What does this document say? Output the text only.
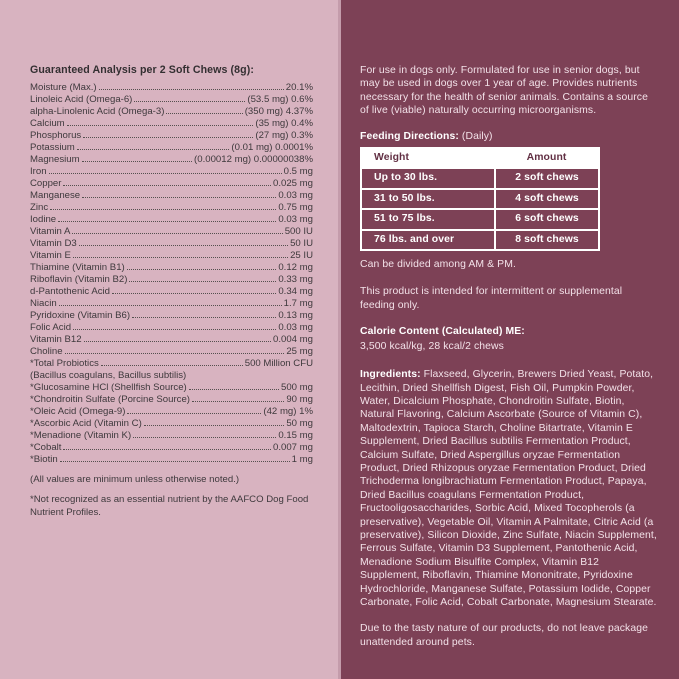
Guaranteed Analysis per 2 Soft Chews (8g):
Moisture (Max.)	20.1%
Linoleic Acid (Omega-6)	(53.5 mg) 0.6%
alpha-Linolenic Acid (Omega-3)	(350 mg) 4.37%
Calcium	(35 mg) 0.4%
Phosphorus	(27 mg) 0.3%
Potassium	(0.01 mg) 0.0001%
Magnesium	(0.00012 mg) 0.00000038%
Iron	0.5 mg
Copper	0.025 mg
Manganese	0.03 mg
Zinc	0.75 mg
Iodine	0.03 mg
Vitamin A	500 IU
Vitamin D3	50 IU
Vitamin E	25 IU
Thiamine (Vitamin B1)	0.12 mg
Riboflavin (Vitamin B2)	0.33 mg
d-Pantothenic Acid	0.34 mg
Niacin	1.7 mg
Pyridoxine (Vitamin B6)	0.13 mg
Folic Acid	0.03 mg
Vitamin B12	0.004 mg
Choline	25 mg
*Total Probiotics	500 Million CFU
(Bacillus coagulans, Bacillus subtilis)
*Glucosamine HCl (Shellfish Source)	500 mg
*Chondroitin Sulfate (Porcine Source)	90 mg
*Oleic Acid (Omega-9)	(42 mg) 1%
*Ascorbic Acid (Vitamin C)	50 mg
*Menadione (Vitamin K)	0.15 mg
*Cobalt	0.007 mg
*Biotin	1 mg

(All values are minimum unless otherwise noted.)

*Not recognized as an essential nutrient by the AAFCO Dog Food Nutrient Profiles.

For use in dogs only. Formulated for use in senior dogs, but may be used in dogs over 1 year of age. Provides nutrients necessary for the health of senior animals. Contains a source of live (viable) naturally occurring microorganisms.

Feeding Directions: (Daily)

Weight	Amount
Up to 30 lbs.	2 soft chews
31 to 50 lbs.	4 soft chews
51 to 75 lbs.	6 soft chews
76 lbs. and over	8 soft chews

Can be divided among AM & PM.

This product is intended for intermittent or supplemental feeding only.

Calorie Content (Calculated) ME:

3,500 kcal/kg, 28 kcal/2 chews

Ingredients: Flaxseed, Glycerin, Brewers Dried Yeast, Potato, Lecithin, Dried Shellfish Digest, Fish Oil, Pumpkin Powder, Water, Dicalcium Phosphate, Chondroitin Sulfate, Biotin, Natural Flavoring, Calcium Ascorbate (Source of Vitamin C), Maltodextrin, Tapioca Starch, Choline Bitartrate, Vitamin E Supplement, Dried Bacillus subtilis Fermentation Product, Calcium Sulfate, Dried Aspergillus oryzae Fermentation Product, Dried Rhizopus oryzae Fermentation Product, Dried Trichoderma longibrachiatum Fermentation Product, Papaya, Dried Bacillus coagulans Fermentation Product, Fructooligosaccharides, Sorbic Acid, Mixed Tocopherols (a preservative), Vegetable Oil, Vitamin A Palmitate, Citric Acid (a preservative), Silicon Dioxide, Zinc Sulfate, Niacin Supplement, Ferrous Sulfate, Vitamin D3 Supplement, Pantothenic Acid, Menadione Sodium Bisulfite Complex, Vitamin B12 Supplement, Riboflavin, Thiamine Mononitrate, Pyridoxine Hydrochloride, Manganese Sulfate, Potassium Iodide, Copper Carbonate, Folic Acid, Cobalt Carbonate, Magnesium Stearate.

Due to the tasty nature of our products, do not leave package unattended around pets.
